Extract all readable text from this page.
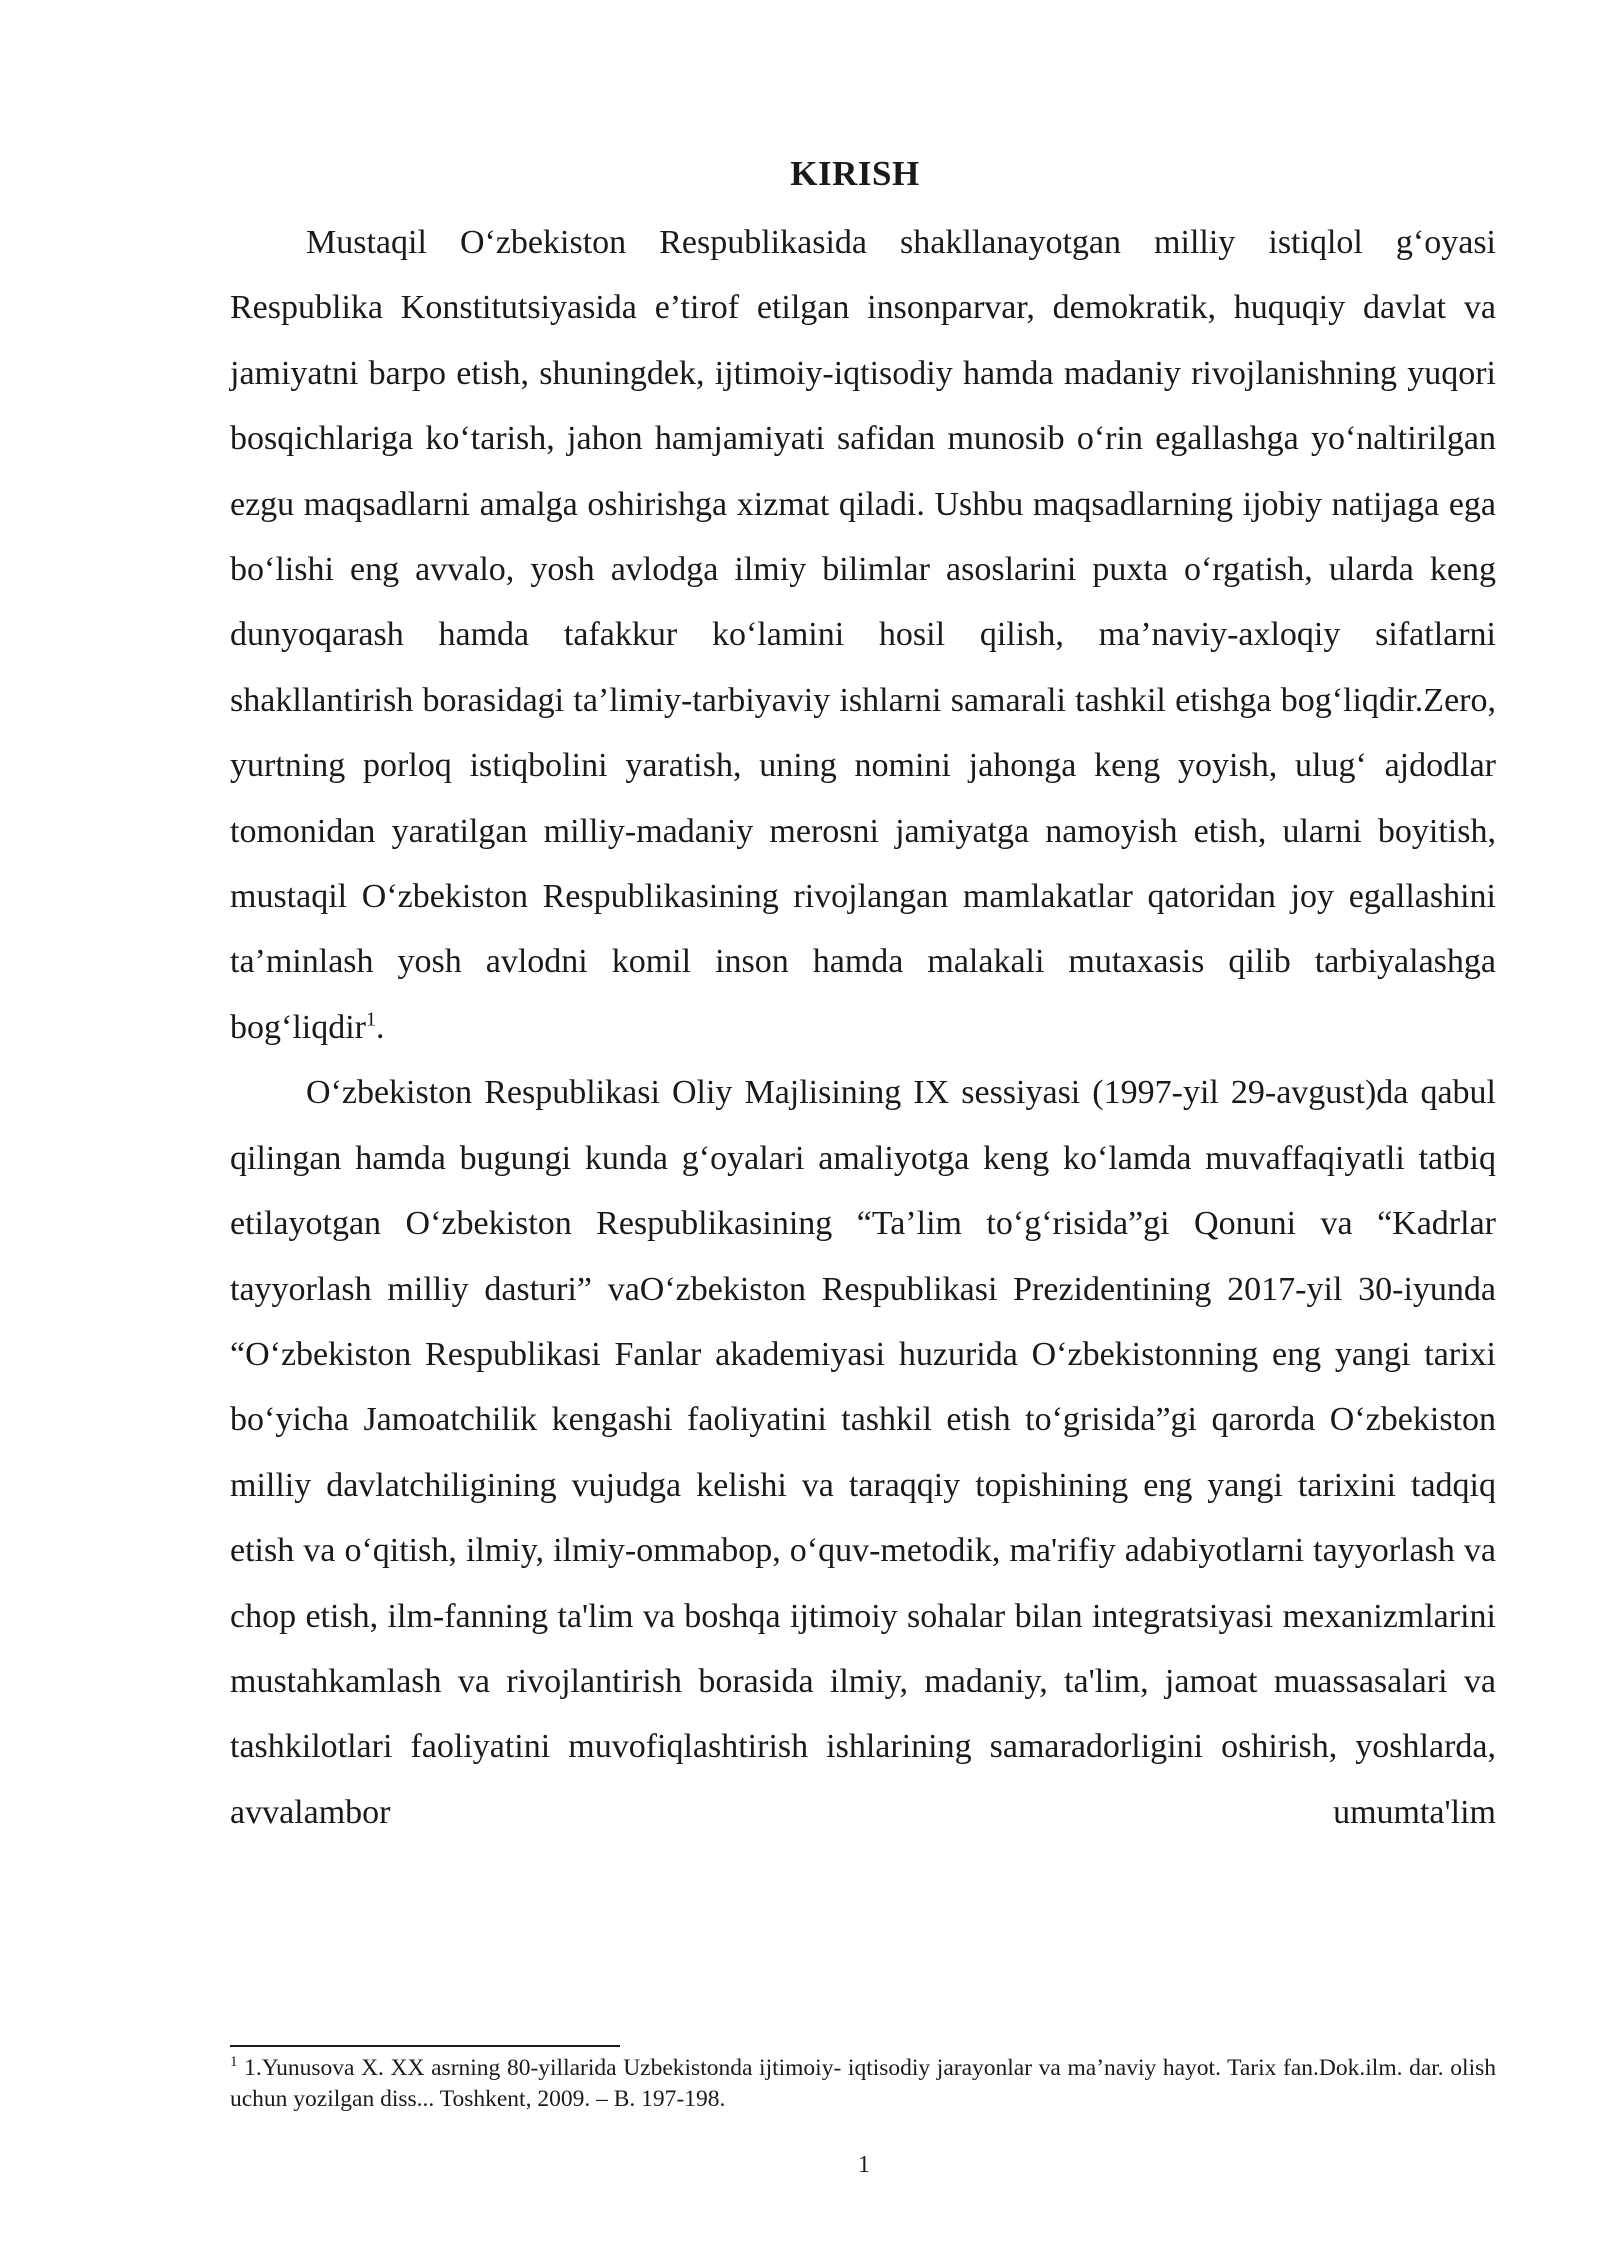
KIRISH

Mustaqil O‘zbekiston Respublikasida shakllanayotgan milliy istiqlol g‘oyasi Respublika Konstitutsiyasida e’tirof etilgan insonparvar, demokratik, huquqiy davlat va jamiyatni barpo etish, shuningdek, ijtimoiy-iqtisodiy hamda madaniy rivojlanishning yuqori bosqichlariga ko‘tarish, jahon hamjamiyati safidan munosib o‘rin egallashga yo‘naltirilgan ezgu maqsadlarni amalga oshirishga xizmat qiladi. Ushbu maqsadlarning ijobiy natijaga ega bo‘lishi eng avvalo, yosh avlodga ilmiy bilimlar asoslarini puxta o‘rgatish, ularda keng dunyoqarash hamda tafakkur ko‘lamini hosil qilish, ma’naviy-axloqiy sifatlarni shakllantirish borasidagi ta’limiy-tarbiyaviy ishlarni samarali tashkil etishga bog‘liqdir.Zero, yurtning porloq istiqbolini yaratish, uning nomini jahonga keng yoyish, ulug‘ ajdodlar tomonidan yaratilgan milliy-madaniy merosni jamiyatga namoyish etish, ularni boyitish, mustaqil O‘zbekiston Respublikasining rivojlangan mamlakatlar qatoridan joy egallashini ta’minlash yosh avlodni komil inson hamda malakali mutaxasis qilib tarbiyalashga bog‘liqdir$^1$.

O‘zbekiston Respublikasi Oliy Majlisining IX sessiyasi (1997-yil 29-avgust)da qabul qilingan hamda bugungi kunda g‘oyalari amaliyotga keng ko‘lamda muvaffaqiyatli tatbiq etilayotgan O‘zbekiston Respublikasining “Ta’lim to‘g‘risida”gi Qonuni va “Kadrlar tayyorlash milliy dasturi” vaO‘zbekiston Respublikasi Prezidentining 2017-yil 30-iyunda “O‘zbekiston Respublikasi Fanlar akademiyasi huzurida O‘zbekistonning eng yangi tarixi bo‘yicha Jamoatchilik kengashi faoliyatini tashkil etish to‘grisida”gi qarorda O‘zbekiston milliy davlatchiligining vujudga kelishi va taraqqiy topishining eng yangi tarixini tadqiq etish va o‘qitish, ilmiy, ilmiy-ommabop, o‘quv-metodik, ma'rifiy adabiyotlarni tayyorlash va chop etish, ilm-fanning ta'lim va boshqa ijtimoiy sohalar bilan integratsiyasi mexanizmlarini mustahkamlash va rivojlantirish borasida ilmiy, madaniy, ta'lim, jamoat muassasalari va tashkilotlari faoliyatini muvofiqlashtirish ishlarining samaradorligini oshirish, yoshlarda, avvalambor umumta'lim

$^1$ 1.Yunusova X. XX asrning 80-yillarida Uzbekistonda ijtimoiy- iqtisodiy jarayonlar va ma’naviy hayot. Tarix fan.Dok.ilm. dar. olish uchun yozilgan diss... Toshkent, 2009. – B. 197-198.
1
